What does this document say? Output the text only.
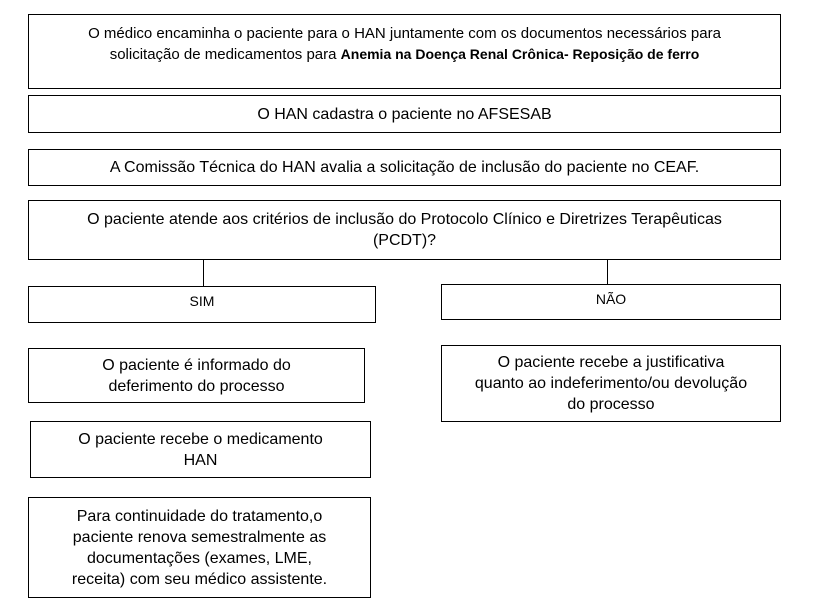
O médico encaminha o paciente para o HAN juntamente com os documentos necessários para
solicitação de medicamentos para Anemia na Doença Renal Crônica- Reposição de ferro
O HAN cadastra o paciente no AFSESAB
A Comissão Técnica do HAN avalia a solicitação de inclusão do paciente no CEAF.
O paciente atende aos critérios de inclusão do Protocolo Clínico e Diretrizes Terapêuticas
(PCDT)?
SIM	NÃO
O paciente é informado do
deferimento do processo
O paciente recebe o medicamento
HAN
Para continuidade do tratamento,o
paciente renova semestralmente as
documentações (exames, LME,
receita) com seu médico assistente.
O paciente recebe a justificativa
quanto ao indeferimento/ou devolução
do processo
